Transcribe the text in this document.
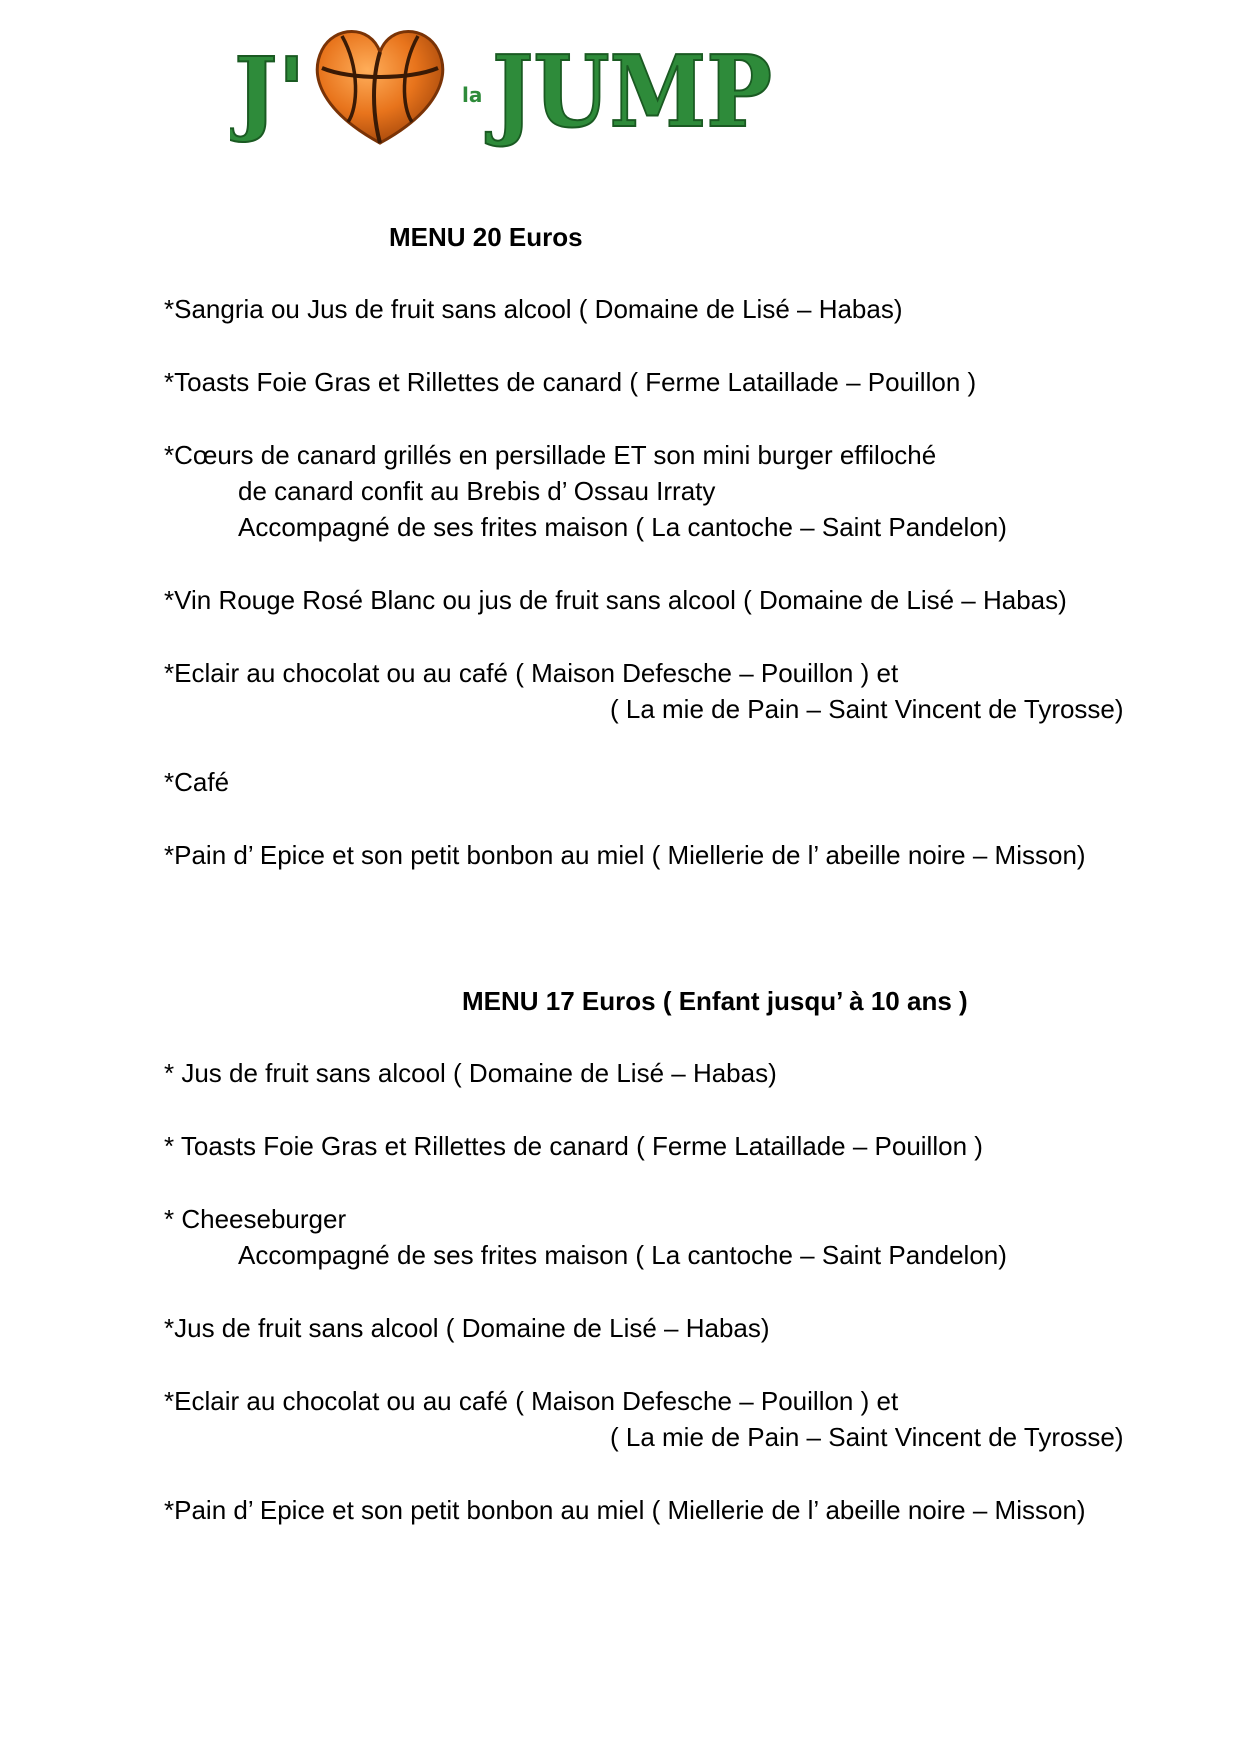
J'	la JUMP
MENU 20 Euros
*Sangria ou Jus de fruit sans alcool ( Domaine de Lisé – Habas)
*Toasts Foie Gras et Rillettes de canard ( Ferme Lataillade – Pouillon )
*Cœurs de canard grillés en persillade ET son mini burger effiloché
de canard confit au Brebis d’ Ossau Irraty
Accompagné de ses frites maison ( La cantoche – Saint Pandelon)
*Vin Rouge Rosé Blanc ou jus de fruit sans alcool ( Domaine de Lisé – Habas)
*Eclair au chocolat ou au café ( Maison Defesche – Pouillon ) et
( La mie de Pain – Saint Vincent de Tyrosse)
*Café
*Pain d’ Epice et son petit bonbon au miel ( Miellerie de l’ abeille noire – Misson)
MENU 17 Euros ( Enfant jusqu’ à 10 ans )
* Jus de fruit sans alcool ( Domaine de Lisé – Habas)
* Toasts Foie Gras et Rillettes de canard ( Ferme Lataillade – Pouillon )
* Cheeseburger
Accompagné de ses frites maison ( La cantoche – Saint Pandelon)
*Jus de fruit sans alcool ( Domaine de Lisé – Habas)
*Eclair au chocolat ou au café ( Maison Defesche – Pouillon ) et
( La mie de Pain – Saint Vincent de Tyrosse)
*Pain d’ Epice et son petit bonbon au miel ( Miellerie de l’ abeille noire – Misson)
